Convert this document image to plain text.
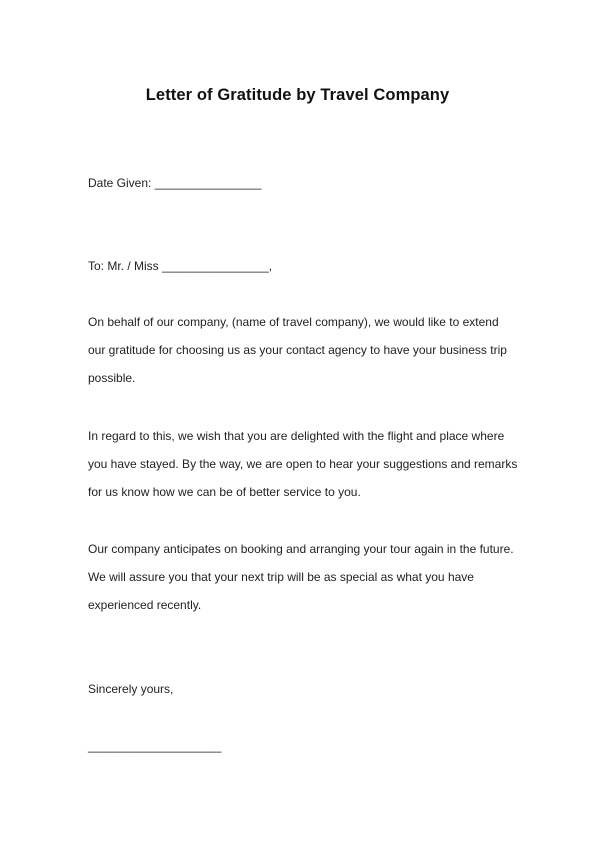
Letter of Gratitude by Travel Company
Date Given: ________________
To: Mr. / Miss ________________,
On behalf of our company, (name of travel company), we would like to extend
our gratitude for choosing us as your contact agency to have your business trip
possible.
In regard to this, we wish that you are delighted with the flight and place where
you have stayed. By the way, we are open to hear your suggestions and remarks
for us know how we can be of better service to you.
Our company anticipates on booking and arranging your tour again in the future.
We will assure you that your next trip will be as special as what you have
experienced recently.
Sincerely yours,
____________________
